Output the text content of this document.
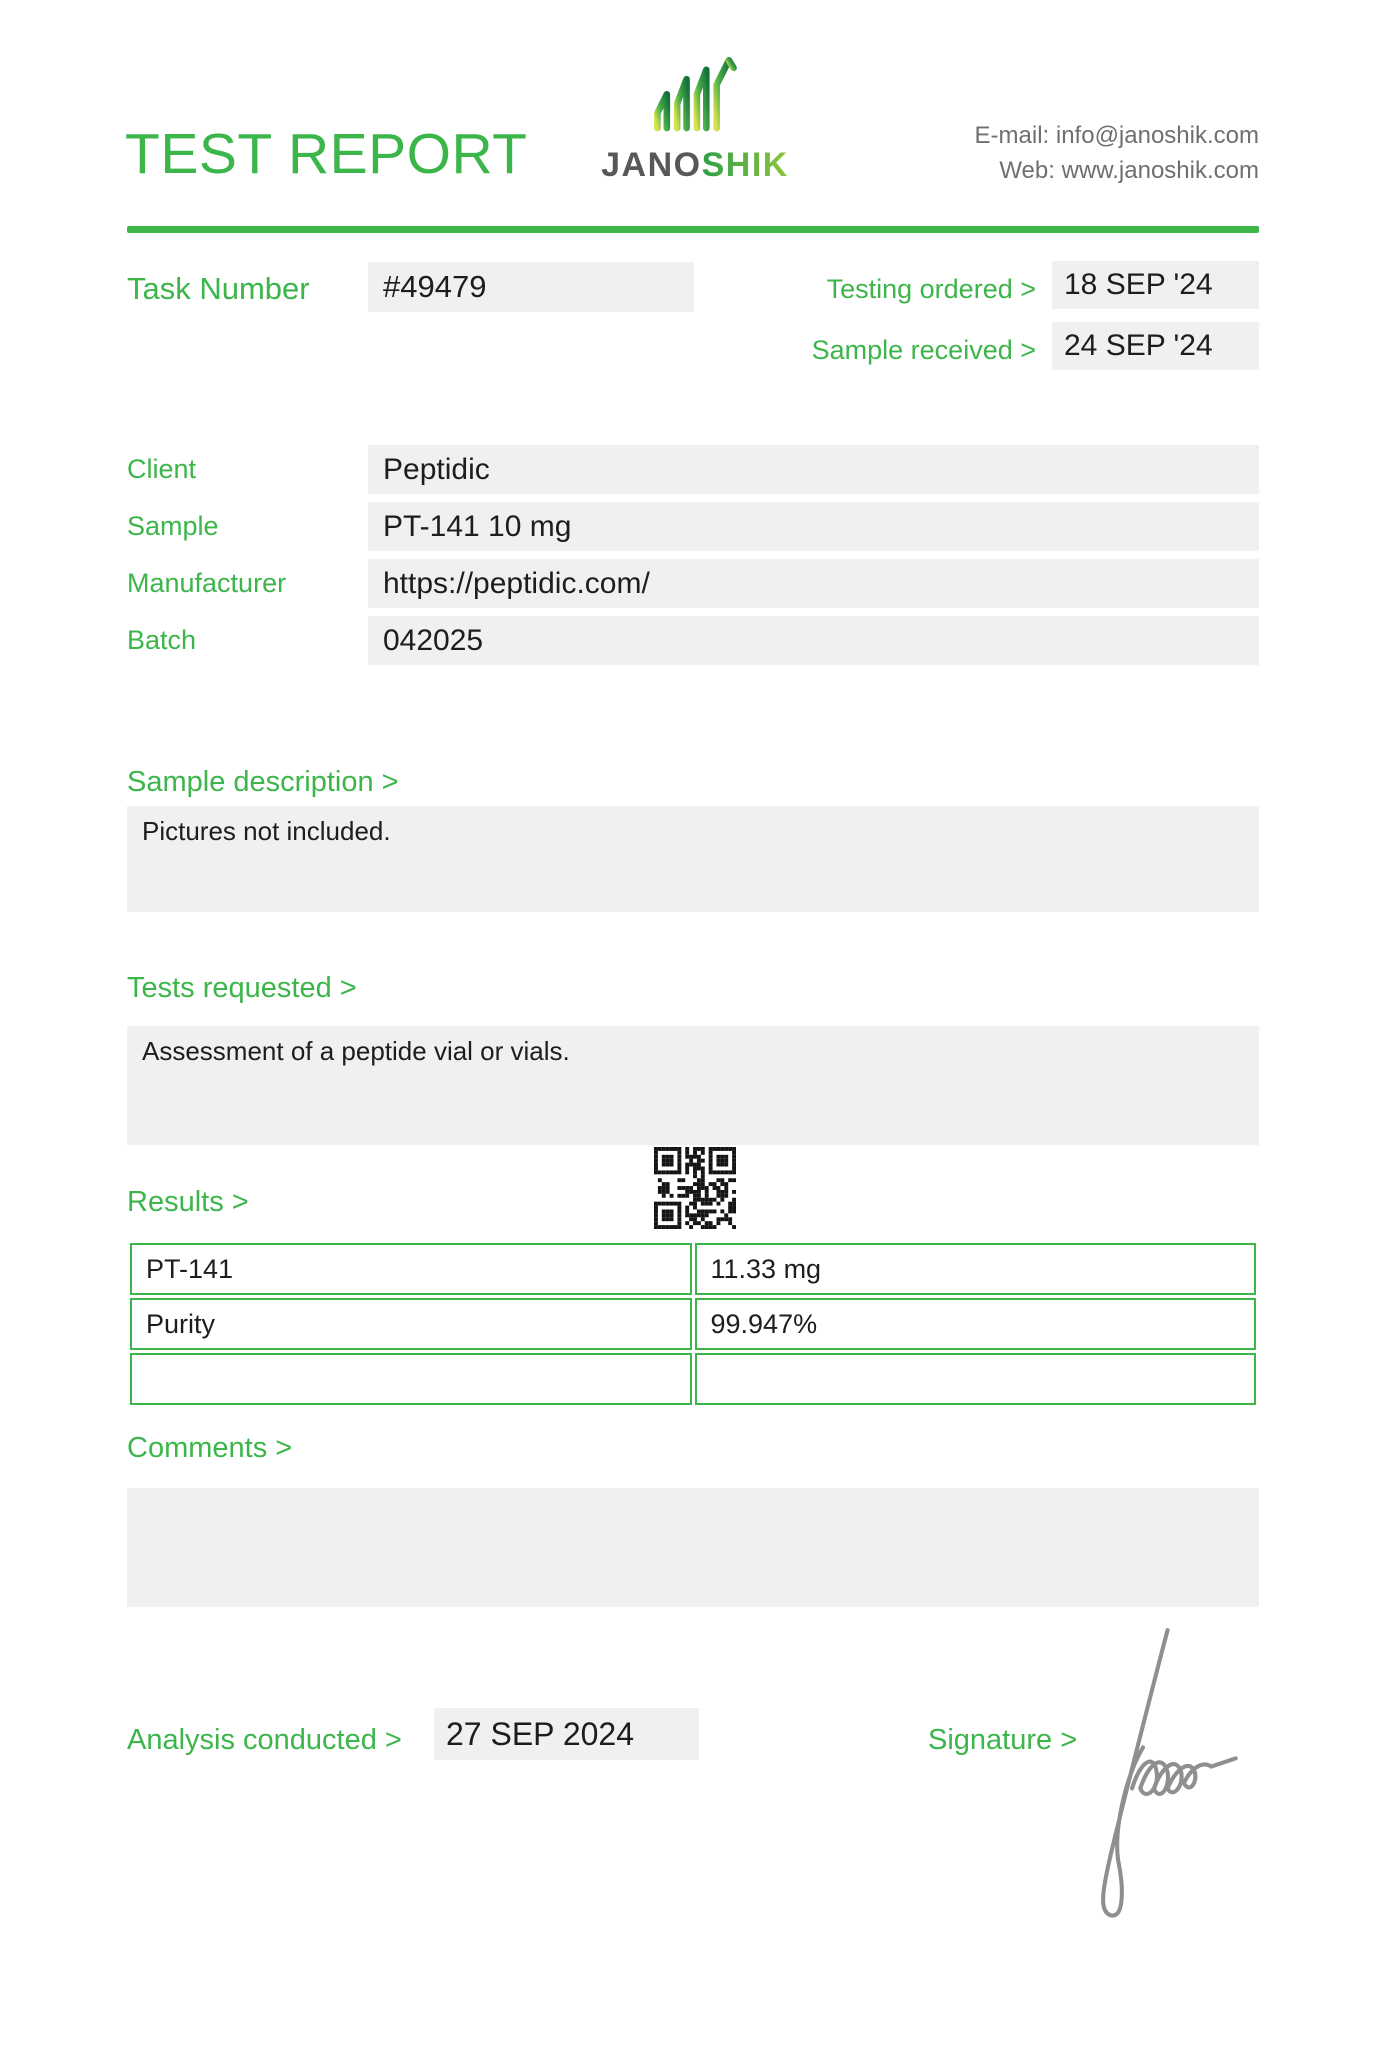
TEST REPORT	JANOSHIK
E-mail: info@janoshik.com
Web: www.janoshik.com
Task Number	#49479	Testing ordered > 18 SEP '24
Sample received > 24 SEP '24
Client	Peptidic
Sample	PT-141 10 mg
Manufacturer	https://peptidic.com/
Batch	042025
Sample description >
Pictures not included.
Tests requested >
Assessment of a peptide vial or vials.
Results >
PT-141	11.33 mg
Purity	99.947%

Comments >
Analysis conducted >	27 SEP 2024	Signature >
